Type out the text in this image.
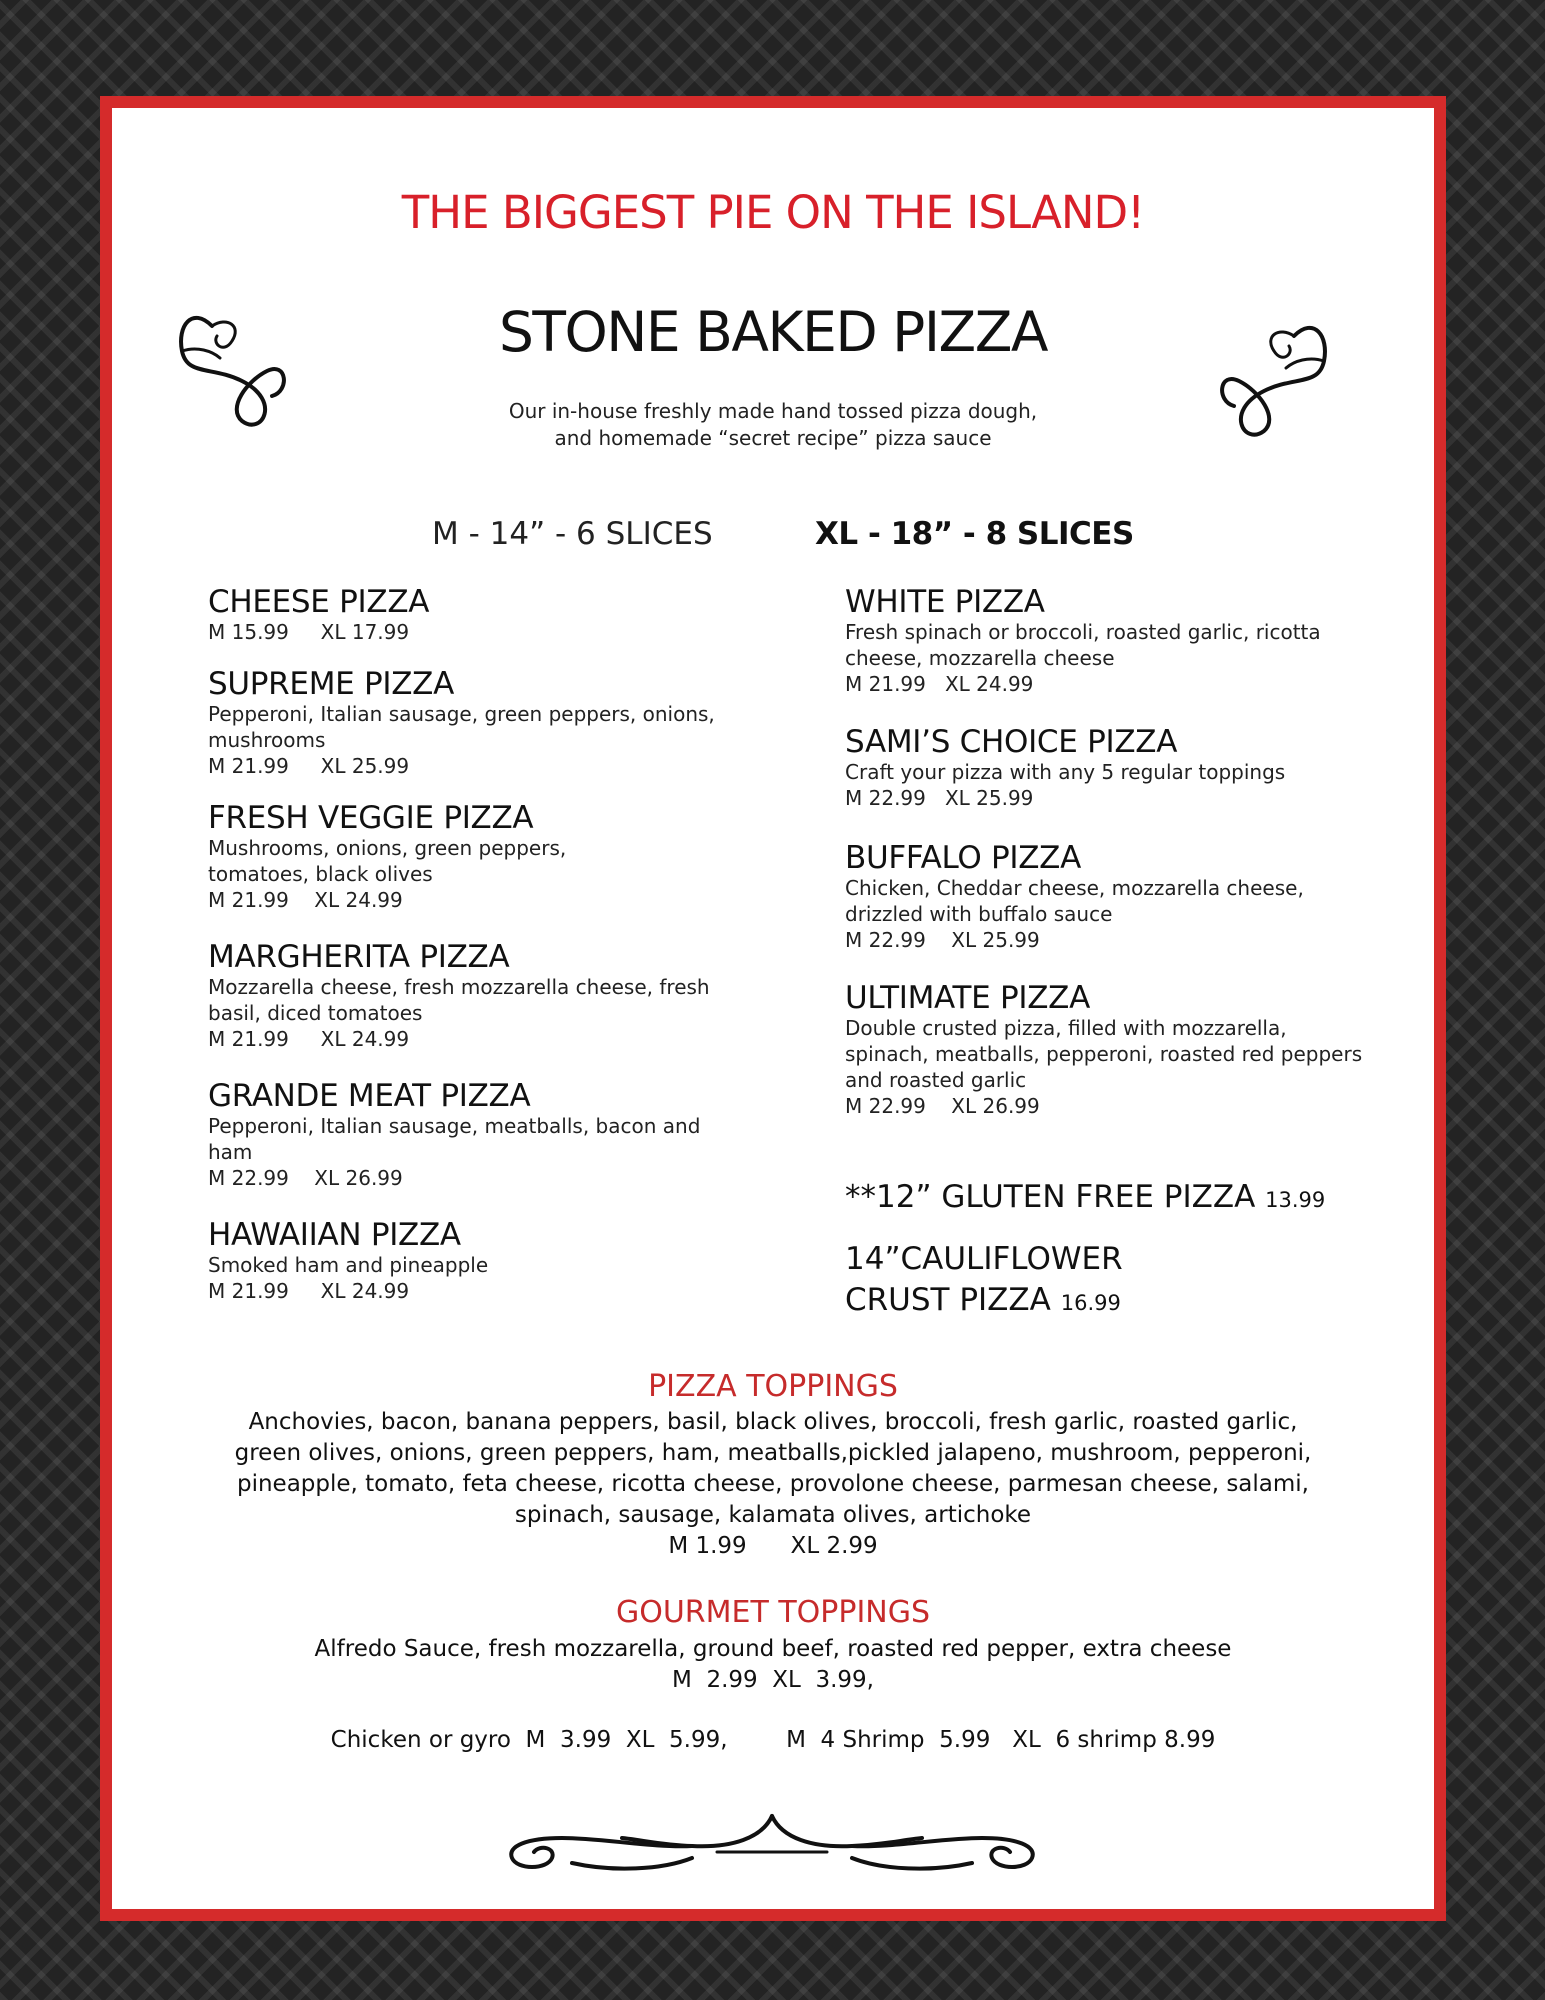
THE BIGGEST PIE ON THE ISLAND!
STONE BAKED PIZZA
Our in-house freshly made hand tossed pizza dough,
and homemade “secret recipe” pizza sauce
M - 14” - 6 SLICES	XL - 18” - 8 SLICES
CHEESE PIZZA
M 15.99     XL 17.99
SUPREME PIZZA
Pepperoni, Italian sausage, green peppers, onions, mushrooms
M 21.99     XL 25.99
FRESH VEGGIE PIZZA
Mushrooms, onions, green peppers, tomatoes, black olives
M 21.99    XL 24.99
MARGHERITA PIZZA
Mozzarella cheese, fresh mozzarella cheese, fresh basil, diced tomatoes
M 21.99     XL 24.99
GRANDE MEAT PIZZA
Pepperoni, Italian sausage, meatballs, bacon and ham
M 22.99    XL 26.99
HAWAIIAN PIZZA
Smoked ham and pineapple
M 21.99     XL 24.99
WHITE PIZZA
Fresh spinach or broccoli, roasted garlic, ricotta cheese, mozzarella cheese
M 21.99   XL 24.99
SAMI’S CHOICE PIZZA
Craft your pizza with any 5 regular toppings
M 22.99   XL 25.99
BUFFALO PIZZA
Chicken, Cheddar cheese, mozzarella cheese, drizzled with buffalo sauce
M 22.99    XL 25.99
ULTIMATE PIZZA
Double crusted pizza, filled with mozzarella, spinach, meatballs, pepperoni, roasted red peppers and roasted garlic
M 22.99    XL 26.99
**12” GLUTEN FREE PIZZA 13.99
14”CAULIFLOWER
CRUST PIZZA 16.99
PIZZA TOPPINGS
Anchovies, bacon, banana peppers, basil, black olives, broccoli, fresh garlic, roasted garlic,
green olives, onions, green peppers, ham, meatballs,pickled jalapeno, mushroom, pepperoni,
pineapple, tomato, feta cheese, ricotta cheese, provolone cheese, parmesan cheese, salami,
spinach, sausage, kalamata olives, artichoke
M 1.99      XL 2.99
GOURMET TOPPINGS
Alfredo Sauce, fresh mozzarella, ground beef, roasted red pepper, extra cheese
M  2.99  XL  3.99,
Chicken or gyro  M  3.99  XL  5.99,        M  4 Shrimp  5.99   XL  6 shrimp 8.99
